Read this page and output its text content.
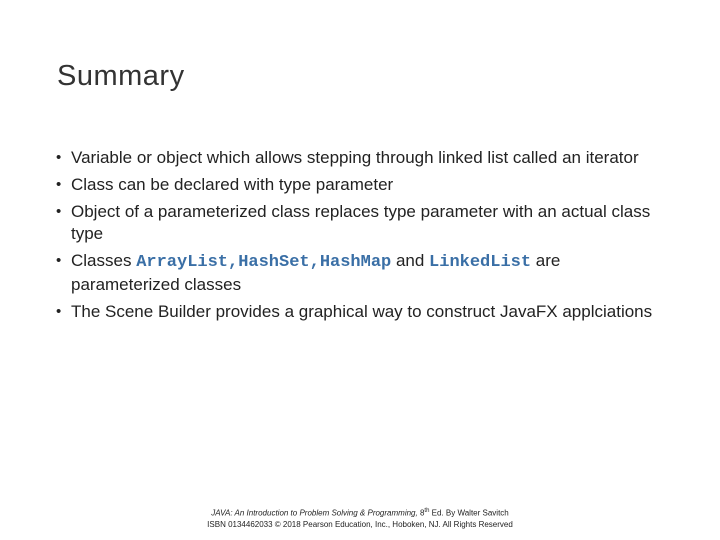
Summary
• Variable or object which allows stepping through linked list called an iterator
• Class can be declared with type parameter
• Object of a parameterized class replaces type parameter with an actual class type
• Classes ArrayList,HashSet,HashMap and LinkedList are parameterized classes
• The Scene Builder provides a graphical way to construct JavaFX applciations
JAVA: An Introduction to Problem Solving & Programming, 8th Ed. By Walter Savitch
ISBN 0134462033 © 2018 Pearson Education, Inc., Hoboken, NJ. All Rights Reserved
